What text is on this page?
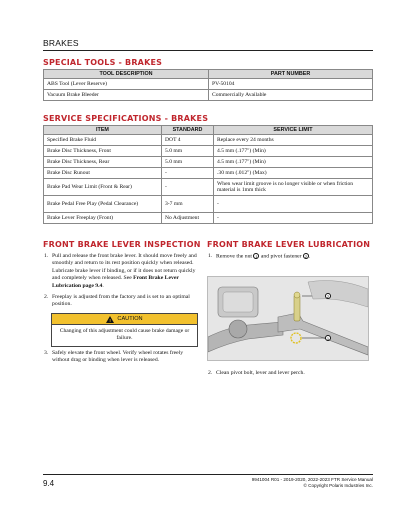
BRAKES
SPECIAL TOOLS - BRAKES
TOOL DESCRIPTION	PART NUMBER
ABS Tool (Lever Reserve)	PV-50104
Vacuum Brake Bleeder	Commercially Available
SERVICE SPECIFICATIONS - BRAKES
ITEM	STANDARD	SERVICE LIMIT
Specified Brake Fluid	DOT 4	Replace every 24 months
Brake Disc Thickness, Front	5.0 mm	4.5 mm (.177") (Min)
Brake Disc Thickness, Rear	5.0 mm	4.5 mm (.177") (Min)
Brake Disc Runout	-	.30 mm (.012") (Max)
Brake Pad Wear Limit (Front & Rear)	-	When wear limit groove is no longer visible or when friction material is 1mm thick
Brake Pedal Free Play (Pedal Clearance)	3-7 mm	-
Brake Lever Freeplay (Front)	No Adjustment	-
FRONT BRAKE LEVER INSPECTION
1. Pull and release the front brake lever. It should move freely and smoothly and return to its rest position quickly when released. Lubricate brake lever if binding, or if it does not return quickly and completely when released. See Front Brake Lever Lubrication page 9.4.
2. Freeplay is adjusted from the factory and is set to an optimal position.
! CAUTION
Changing of this adjustment could cause brake damage or failure.
3. Safely elevate the front wheel. Verify wheel rotates freely without drag or binding when lever is released.
FRONT BRAKE LEVER LUBRICATION
1. Remove the nut 1 and pivot fastener 2 .
2
1
2. Clean pivot bolt, lever and lever perch.
9.4	9941004 R01 - 2019-2020, 2022-2023 FTR Service Manual
© Copyright Polaris Industries Inc.
